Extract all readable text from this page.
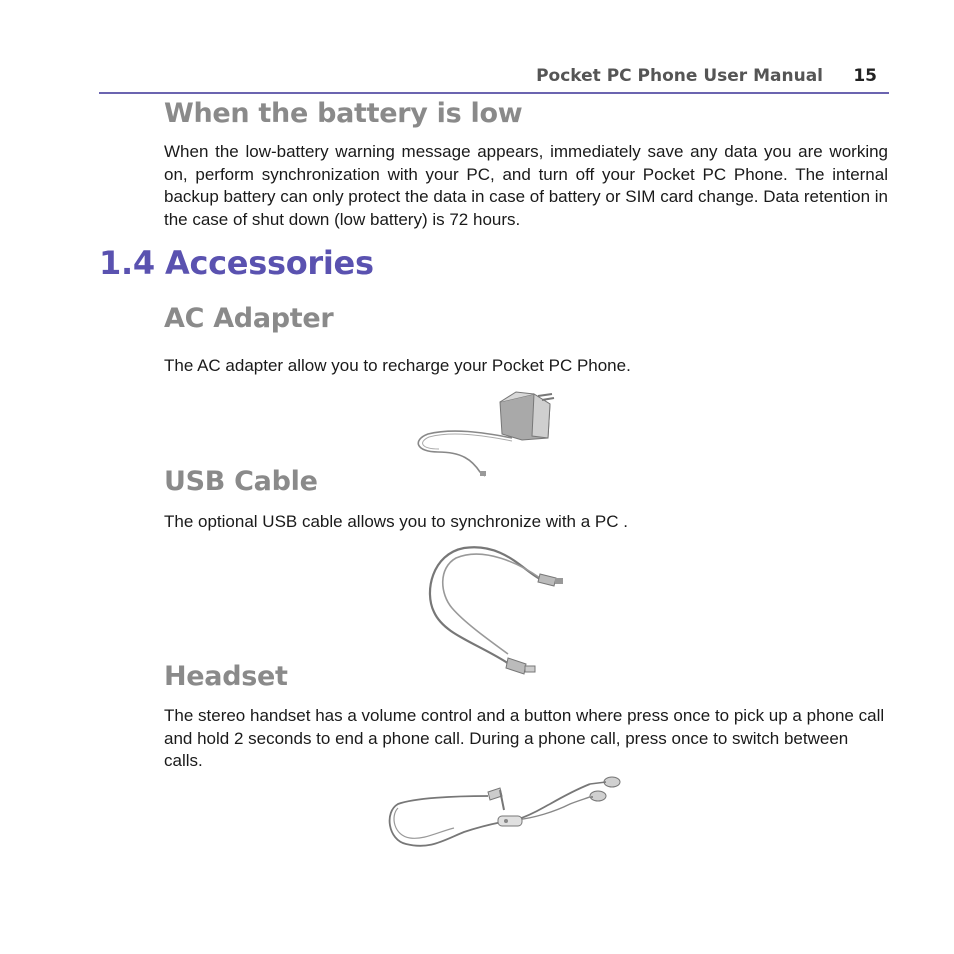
Pocket PC Phone User Manual 15
When the battery is low
When the low-battery warning message appears, immediately save any data you are working on, perform synchronization with your PC, and turn off your Pocket PC Phone. The internal backup battery can only protect the data in case of battery or SIM card change. Data retention in the case of shut down (low battery) is 72 hours.
1.4 Accessories
AC Adapter
The AC adapter allow you to recharge your Pocket PC Phone.
USB Cable
The optional USB cable allows you to synchronize with a PC .
Headset
The stereo handset has a volume control and a button where press once to pick up a phone call and hold 2 seconds to end a phone call. During a phone call, press once to switch between calls.
